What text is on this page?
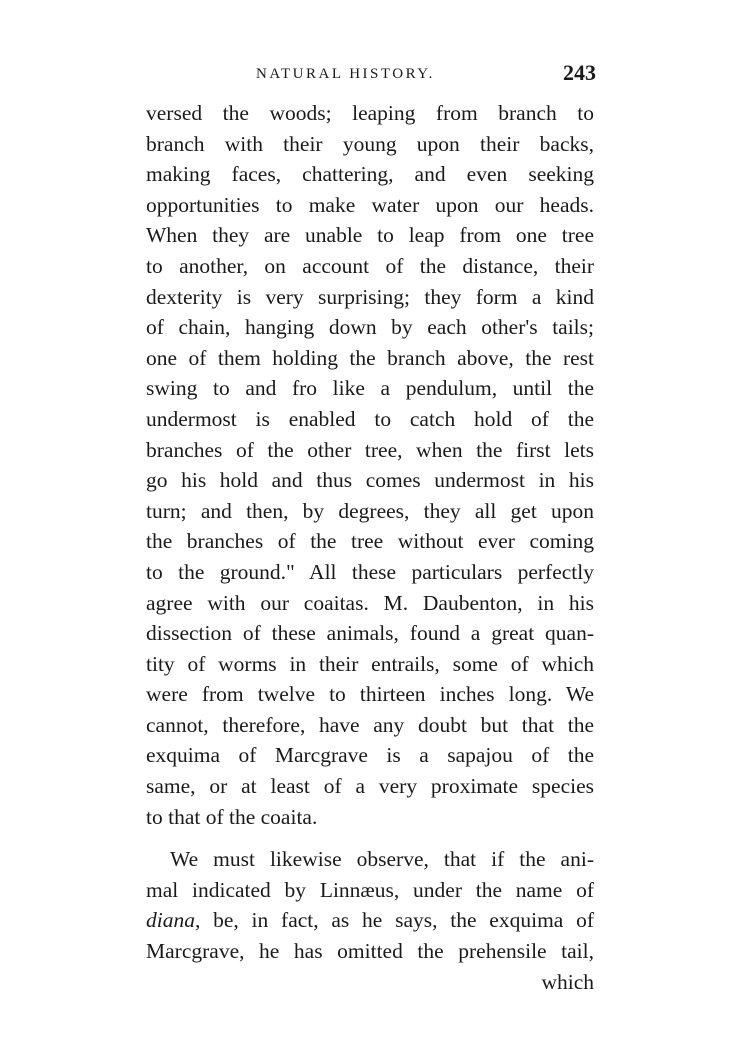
NATURAL HISTORY.	243

versed the woods; leaping from branch to
branch with their young upon their backs,
making faces, chattering, and even seeking
opportunities to make water upon our heads.
When they are unable to leap from one tree
to another, on account of the distance, their
dexterity is very surprising; they form a kind
of chain, hanging down by each other's tails;
one of them holding the branch above, the rest
swing to and fro like a pendulum, until the
undermost is enabled to catch hold of the
branches of the other tree, when the first lets
go his hold and thus comes undermost in his
turn; and then, by degrees, they all get upon
the branches of the tree without ever coming
to the ground." All these particulars perfectly
agree with our coaitas. M. Daubenton, in his
dissection of these animals, found a great quan-
tity of worms in their entrails, some of which
were from twelve to thirteen inches long. We
cannot, therefore, have any doubt but that the
exquima of Marcgrave is a sapajou of the
same, or at least of a very proximate species
to that of the coaita.

We must likewise observe, that if the ani-
mal indicated by Linnæus, under the name of
diana, be, in fact, as he says, the exquima of
Marcgrave, he has omitted the prehensile tail,

which
